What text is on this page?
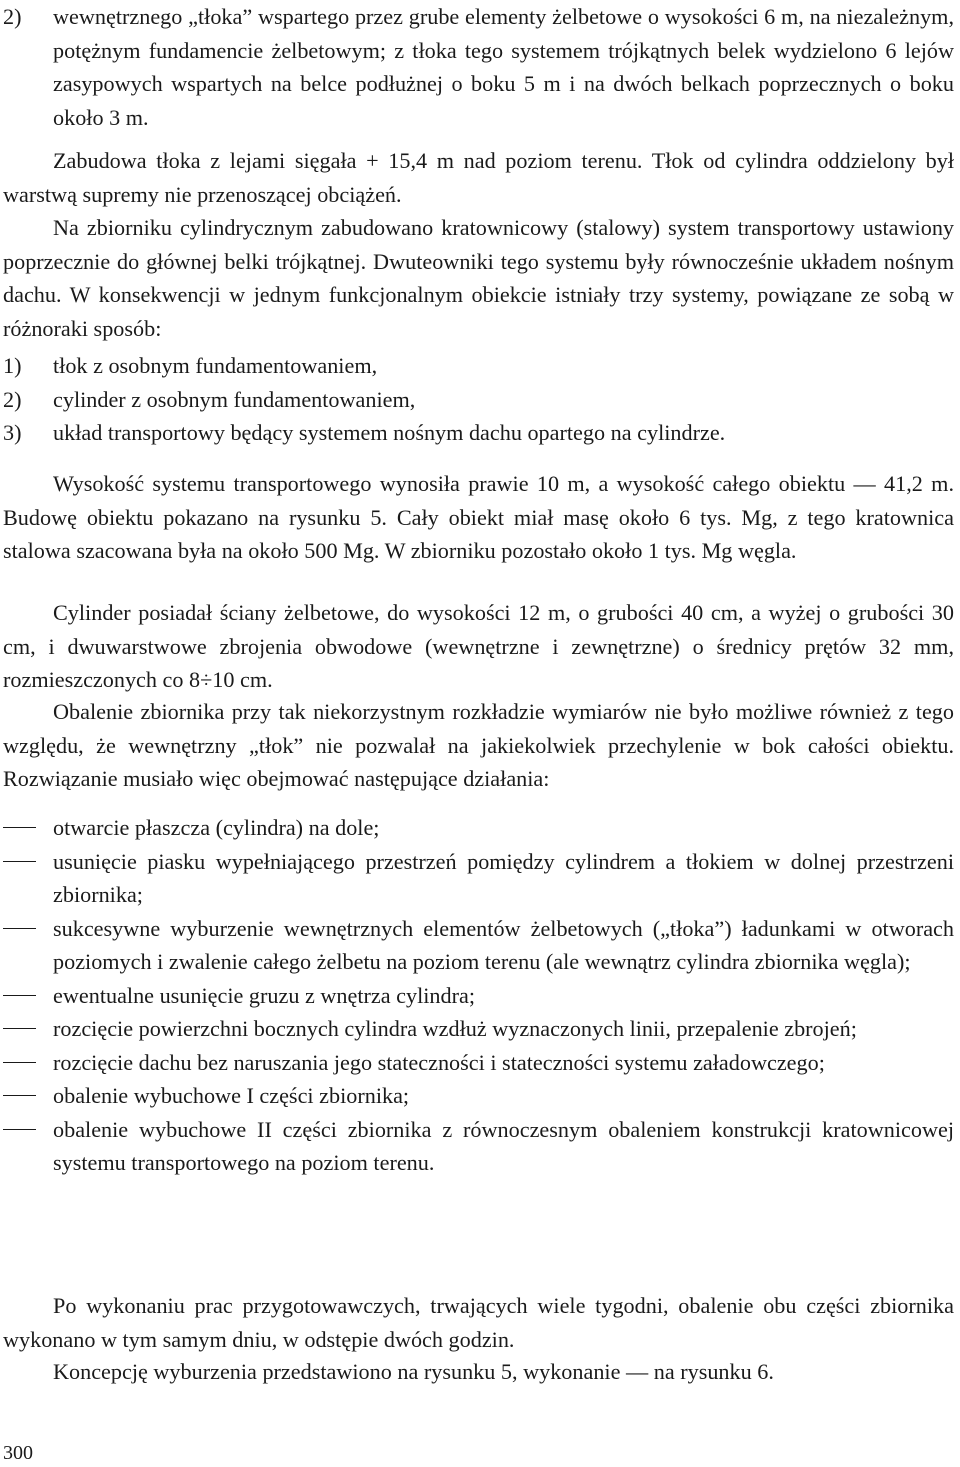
2)	wewnętrznego „tłoka” wspartego przez grube elementy żelbetowe o wysokości 6 m, na niezależnym, potężnym fundamencie żelbetowym; z tłoka tego systemem trójkątnych belek wydzielono 6 lejów zasypowych wspartych na belce podłużnej o boku 5 m i na dwóch belkach poprzecznych o boku około 3 m.

Zabudowa tłoka z lejami sięgała + 15,4 m nad poziom terenu. Tłok od cylindra oddzielony był warstwą supremy nie przenoszącej obciążeń.

Na zbiorniku cylindrycznym zabudowano kratownicowy (stalowy) system transportowy ustawiony poprzecznie do głównej belki trójkątnej. Dwuteowniki tego systemu były równocześnie układem nośnym dachu. W konsekwencji w jednym funkcjonalnym obiekcie istniały trzy systemy, powiązane ze sobą w różnoraki sposób:

1)	tłok z osobnym fundamentowaniem,
2)	cylinder z osobnym fundamentowaniem,
3)	układ transportowy będący systemem nośnym dachu opartego na cylindrze.

Wysokość systemu transportowego wynosiła prawie 10 m, a wysokość całego obiektu — 41,2 m. Budowę obiektu pokazano na rysunku 5. Cały obiekt miał masę około 6 tys. Mg, z tego kratownica stalowa szacowana była na około 500 Mg. W zbiorniku pozostało około 1 tys. Mg węgla.

Cylinder posiadał ściany żelbetowe, do wysokości 12 m, o grubości 40 cm, a wyżej o grubości 30 cm, i dwuwarstwowe zbrojenia obwodowe (wewnętrzne i zewnętrzne) o średnicy prętów 32 mm, rozmieszczonych co 8÷10 cm.

Obalenie zbiornika przy tak niekorzystnym rozkładzie wymiarów nie było możliwe również z tego względu, że wewnętrzny „tłok” nie pozwalał na jakiekolwiek przechylenie w bok całości obiektu. Rozwiązanie musiało więc obejmować następujące działania:

otwarcie płaszcza (cylindra) na dole;
usunięcie piasku wypełniającego przestrzeń pomiędzy cylindrem a tłokiem w dolnej przestrzeni zbiornika;
sukcesywne wyburzenie wewnętrznych elementów żelbetowych („tłoka”) ładunkami w otworach poziomych i zwalenie całego żelbetu na poziom terenu (ale wewnątrz cylindra zbiornika węgla);
ewentualne usunięcie gruzu z wnętrza cylindra;
rozcięcie powierzchni bocznych cylindra wzdłuż wyznaczonych linii, przepalenie zbrojeń;
rozcięcie dachu bez naruszania jego stateczności i stateczności systemu załadowczego;
obalenie wybuchowe I części zbiornika;
obalenie wybuchowe II części zbiornika z równoczesnym obaleniem konstrukcji kratownicowej systemu transportowego na poziom terenu.

Po wykonaniu prac przygotowawczych, trwających wiele tygodni, obalenie obu części zbiornika wykonano w tym samym dniu, w odstępie dwóch godzin.

Koncepcję wyburzenia przedstawiono na rysunku 5, wykonanie — na rysunku 6.

300
